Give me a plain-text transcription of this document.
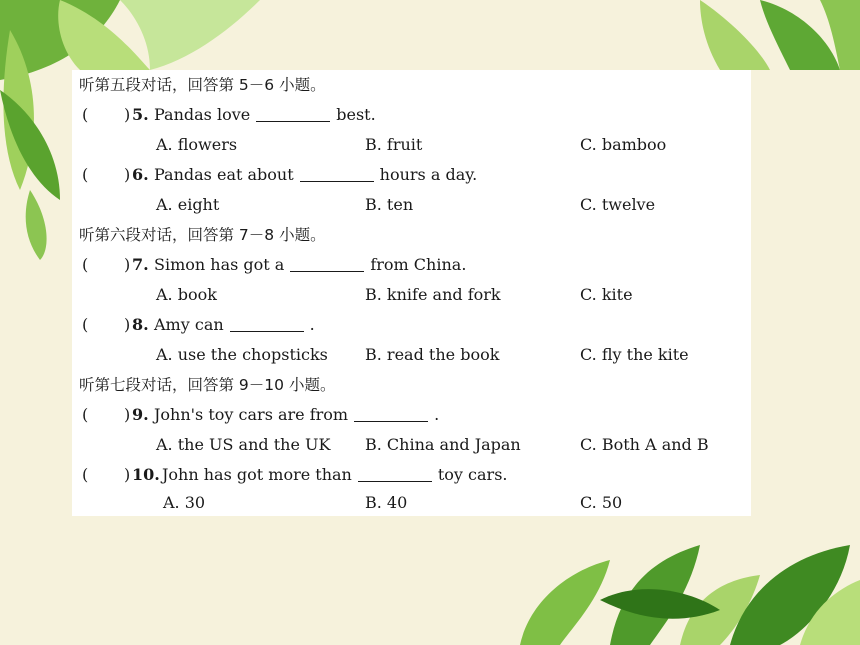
听第五段对话，回答第 5－6 小题。
( ) 5. Pandas love	best.
A. flowers	B. fruit	C. bamboo
( ) 6. Pandas eat about	hours a day.
A. eight	B. ten	C. twelve
听第六段对话，回答第 7－8 小题。
( ) 7. Simon has got a	from China.
A. book	B. knife and fork	C. kite
( ) 8. Amy can	.
A. use the chopsticks B. read the book	C. fly the kite
听第七段对话，回答第 9－10 小题。
( ) 9. John's toy cars are from	.
A. the US and the UK B. China and Japan	C. Both A and B
( ) 10. John has got more than	toy cars.
A. 30	B. 40	C. 50
